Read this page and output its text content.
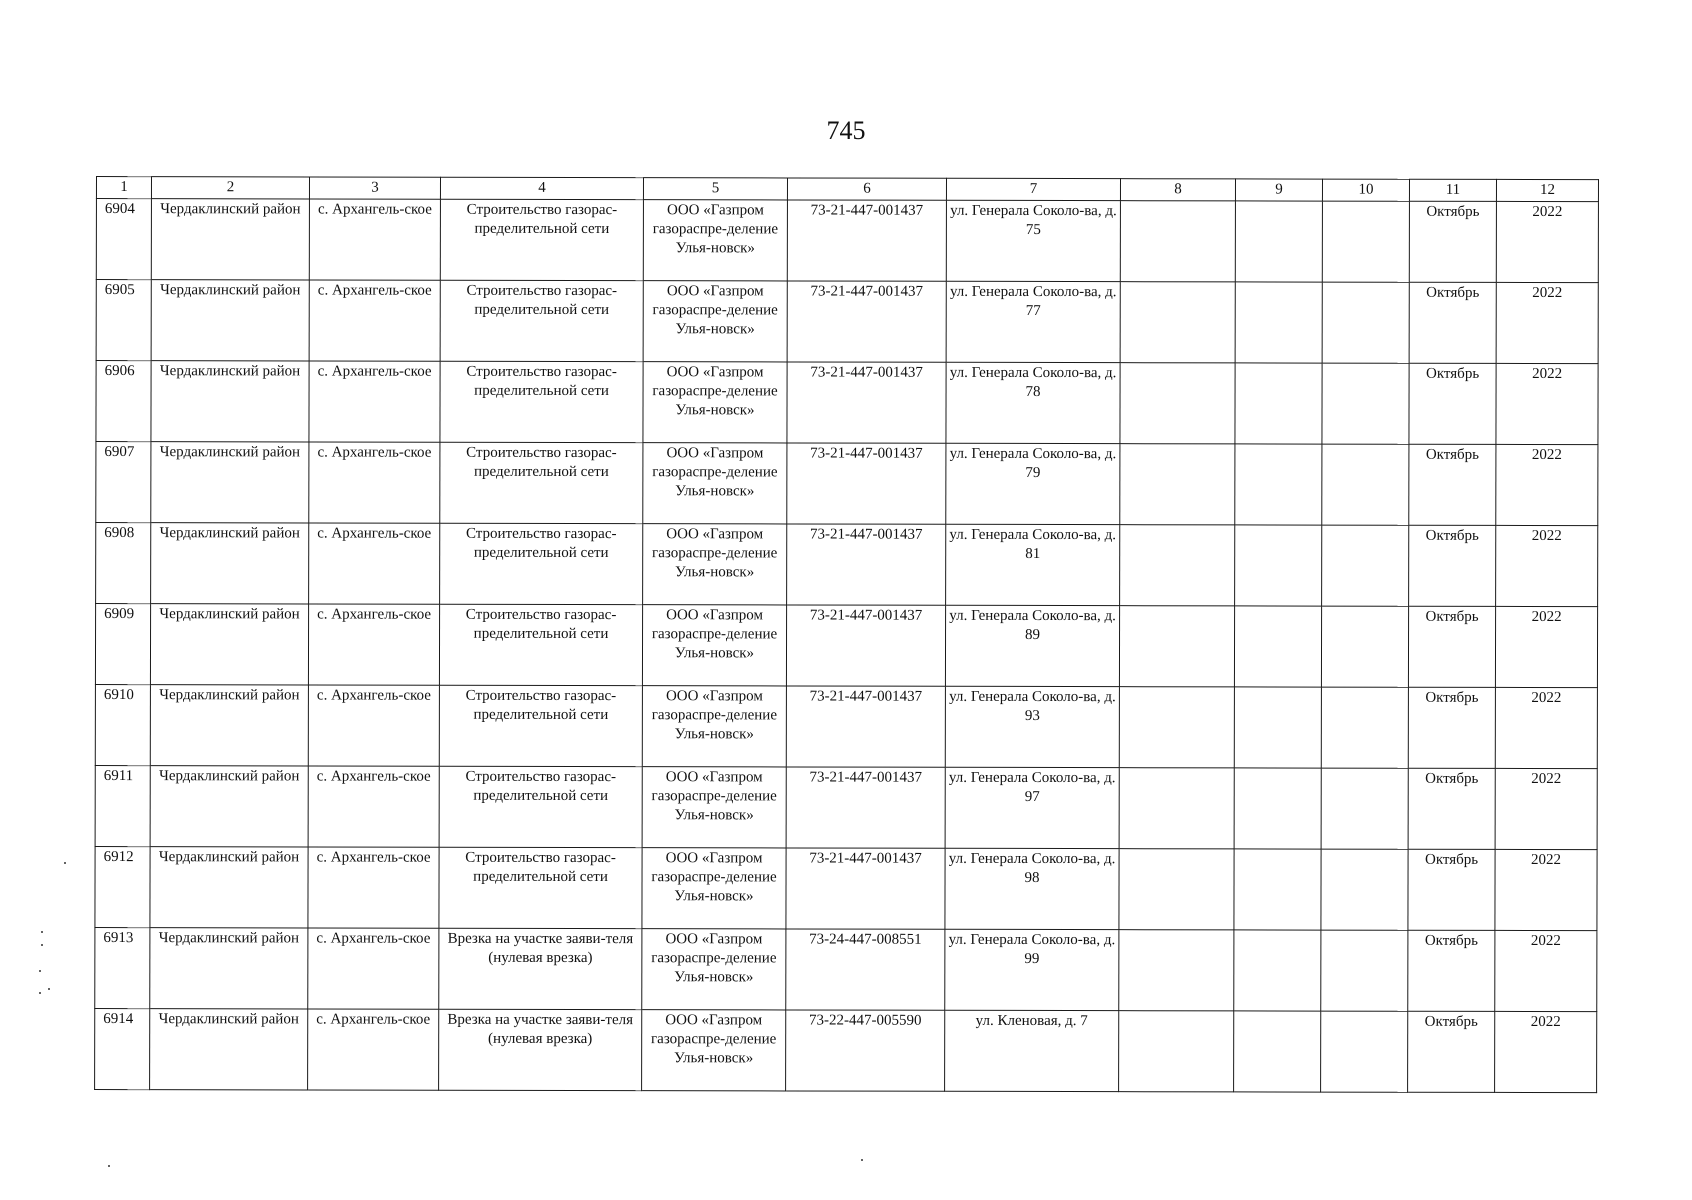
745
1	2	3	4	5	6	7	8	9	10	11	12
6904	Чердаклинский район	с. Архангель-ское	Строительство газорас-пределительной сети	ООО «Газпром газораспре-деление Улья-новск»	73-21-447-001437	ул. Генерала Соколо-ва, д. 75				Октябрь	2022
6905	Чердаклинский район	с. Архангель-ское	Строительство газорас-пределительной сети	ООО «Газпром газораспре-деление Улья-новск»	73-21-447-001437	ул. Генерала Соколо-ва, д. 77				Октябрь	2022
6906	Чердаклинский район	с. Архангель-ское	Строительство газорас-пределительной сети	ООО «Газпром газораспре-деление Улья-новск»	73-21-447-001437	ул. Генерала Соколо-ва, д. 78				Октябрь	2022
6907	Чердаклинский район	с. Архангель-ское	Строительство газорас-пределительной сети	ООО «Газпром газораспре-деление Улья-новск»	73-21-447-001437	ул. Генерала Соколо-ва, д. 79				Октябрь	2022
6908	Чердаклинский район	с. Архангель-ское	Строительство газорас-пределительной сети	ООО «Газпром газораспре-деление Улья-новск»	73-21-447-001437	ул. Генерала Соколо-ва, д. 81				Октябрь	2022
6909	Чердаклинский район	с. Архангель-ское	Строительство газорас-пределительной сети	ООО «Газпром газораспре-деление Улья-новск»	73-21-447-001437	ул. Генерала Соколо-ва, д. 89				Октябрь	2022
6910	Чердаклинский район	с. Архангель-ское	Строительство газорас-пределительной сети	ООО «Газпром газораспре-деление Улья-новск»	73-21-447-001437	ул. Генерала Соколо-ва, д. 93				Октябрь	2022
6911	Чердаклинский район	с. Архангель-ское	Строительство газорас-пределительной сети	ООО «Газпром газораспре-деление Улья-новск»	73-21-447-001437	ул. Генерала Соколо-ва, д. 97				Октябрь	2022
6912	Чердаклинский район	с. Архангель-ское	Строительство газорас-пределительной сети	ООО «Газпром газораспре-деление Улья-новск»	73-21-447-001437	ул. Генерала Соколо-ва, д. 98				Октябрь	2022
6913	Чердаклинский район	с. Архангель-ское	Врезка на участке заяви-теля (нулевая врезка)	ООО «Газпром газораспре-деление Улья-новск»	73-24-447-008551	ул. Генерала Соколо-ва, д. 99				Октябрь	2022
6914	Чердаклинский район	с. Архангель-ское	Врезка на участке заяви-теля (нулевая врезка)	ООО «Газпром газораспре-деление Улья-новск»	73-22-447-005590	ул. Кленовая, д. 7				Октябрь	2022
